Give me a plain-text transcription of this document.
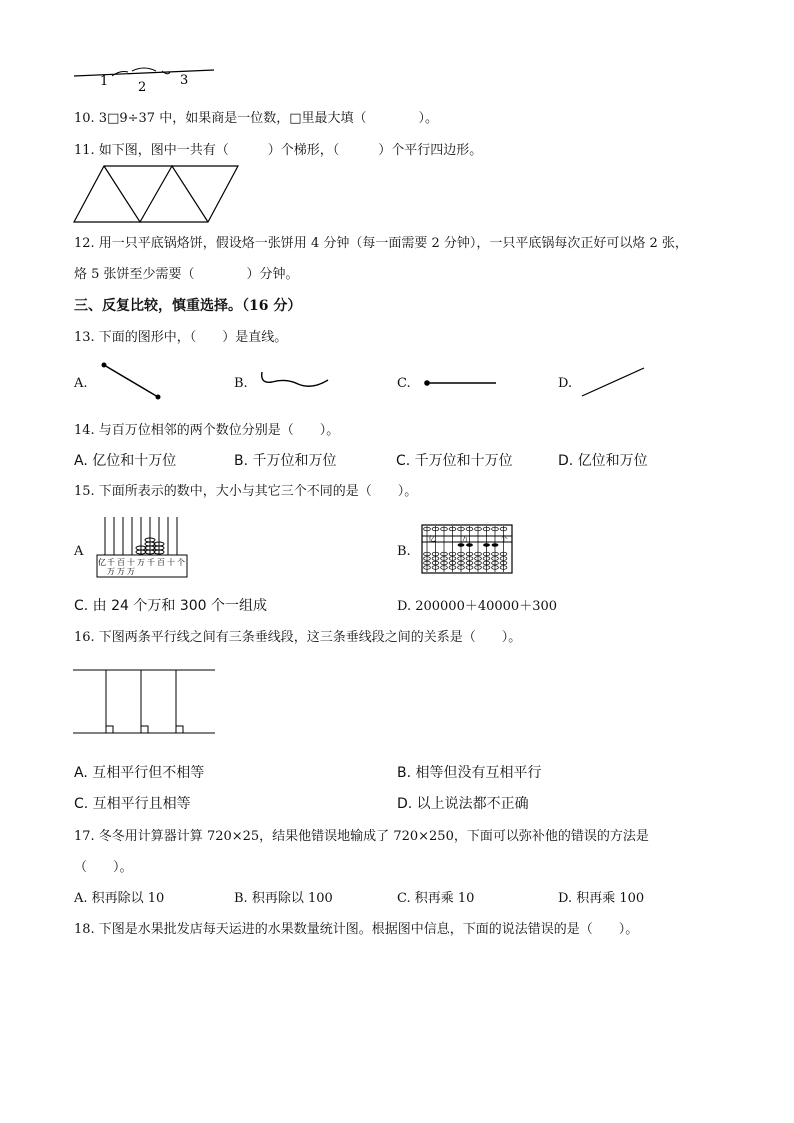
1 2	3
10. 3□9÷37 中，如果商是一位数，□里最大填（　　　　）。
11. 如下图，图中一共有（　　　）个梯形，（　　　）个平行四边形。
12. 用一只平底锅烙饼，假设烙一张饼用 4 分钟（每一面需要 2 分钟），一只平底锅每次正好可以烙 2 张，
烙 5 张饼至少需要（　　　　）分钟。
三、反复比较，慎重选择。（16 分）
13. 下面的图形中，（　　）是直线。
A.	B.	C.	D.
14. 与百万位相邻的两个数位分别是（　　）。
A. 亿位和十万位	B. 千万位和万位	C. 千万位和十万位	D. 亿位和万位
15. 下面所表示的数中，大小与其它三个不同的是（　　）。
A
亿 千 百 十 万 千 百 十 个
万 万 万
B.
亿	万	个
C. 由 24 个万和 300 个一组成	D. 200000＋40000＋300
16. 下图两条平行线之间有三条垂线段，这三条垂线段之间的关系是（　　）。
A. 互相平行但不相等	B. 相等但没有互相平行
C. 互相平行且相等	D. 以上说法都不正确
17. 冬冬用计算器计算 720×25，结果他错误地输成了 720×250，下面可以弥补他的错误的方法是
（　　）。
A. 积再除以 10	B. 积再除以 100	C. 积再乘 10	D. 积再乘 100
18. 下图是水果批发店每天运进的水果数量统计图。根据图中信息，下面的说法错误的是（　　）。
